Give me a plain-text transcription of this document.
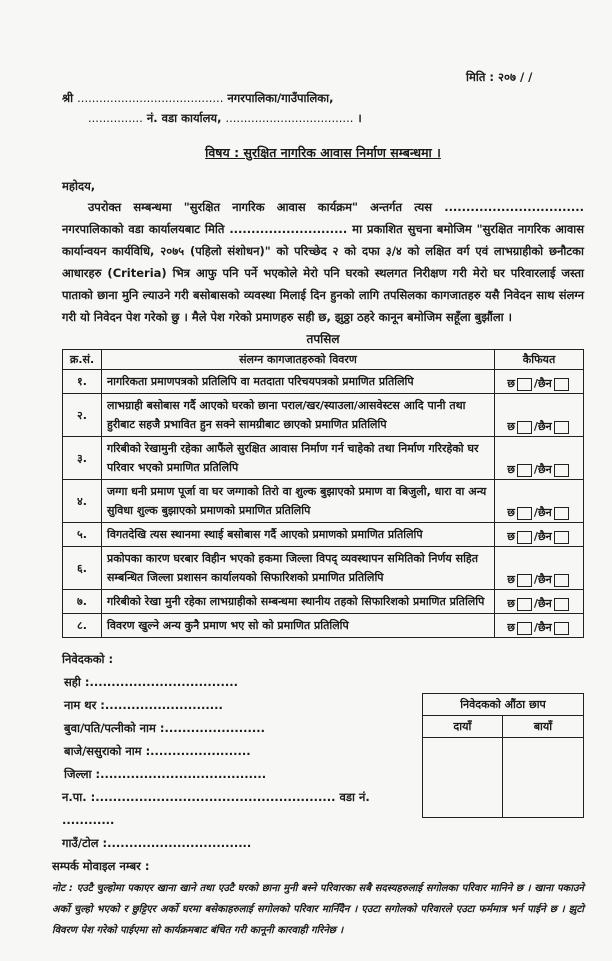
मिति : २०७ / /
श्री ........................................ नगरपालिका/गाउँपालिका,
............... नं. वडा कार्यालय, ................................... ।
विषय : सुरक्षित नागरिक आवास निर्माण सम्बन्धमा ।
महोदय,
उपरोक्त सम्बन्धमा "सुरक्षित नागरिक आवास कार्यक्रम" अन्तर्गत त्यस ................................ नगरपालिकाको वडा कार्यालयबाट मिति ........................... मा प्रकाशित सुचना बमोजिम "सुरक्षित नागरिक आवास कार्यान्वयन कार्यविधि, २०७५ (पहिलो संशोधन)" को परिच्छेद २ को दफा ३/४ को लक्षित वर्ग एवं लाभग्राहीको छनौटका आधारहरु (Criteria) भित्र आफु पनि पर्ने भएकोले मेरो पनि घरको स्थलगत निरीक्षण गरी मेरो घर परिवारलाई जस्ता पाताको छाना मुनि ल्याउने गरी बसोबासको व्यवस्था मिलाई दिन हुनको लागि तपसिलका कागजातहरु यसै निवेदन साथ संलग्न गरी यो निवेदन पेश गरेको छु । मैले पेश गरेको प्रमाणहरु सही छ, झुठ्ठा ठहरे कानून बमोजिम सहूँला बुझौंला ।
तपसिल
क्र.सं.	संलग्न कागजातहरुको विवरण	कैफियत
१.	नागरिकता प्रमाणपत्रको प्रतिलिपि वा मतदाता परिचयपत्रको प्रमाणित प्रतिलिपि	छ /छैन
२.	लाभग्राही बसोबास गर्दै आएको घरको छाना पराल/खर/स्याउला/आसवेस्टस आदि पानी तथा हुरीबाट सहजै प्रभावित हुन सक्ने सामग्रीबाट छाएको प्रमाणित प्रतिलिपि	छ /छैन
३.	गरिबीको रेखामुनी रहेका आफैंले सुरक्षित आवास निर्माण गर्न चाहेको तथा निर्माण गरिरहेको घर परिवार भएको प्रमाणित प्रतिलिपि	छ /छैन
४.	जग्गा धनी प्रमाण पूर्जा वा घर जग्गाको तिरो वा शुल्क बुझाएको प्रमाण वा बिजुली, धारा वा अन्य सुविधा शुल्क बुझाएको प्रमाणको प्रमाणित प्रतिलिपि	छ /छैन
५.	विगतदेखि त्यस स्थानमा स्थाई बसोबास गर्दै आएको प्रमाणको प्रमाणित प्रतिलिपि	छ /छैन
६.	प्रकोपका कारण घरबार विहीन भएको हकमा जिल्ला विपद् व्यवस्थापन समितिको निर्णय सहित सम्बन्धित जिल्ला प्रशासन कार्यालयको सिफारिशको प्रमाणित प्रतिलिपि	छ /छैन
७.	गरिबीको रेखा मुनी रहेका लाभग्राहीको सम्बन्धमा स्थानीय तहको सिफारिशको प्रमाणित प्रतिलिपि	छ /छैन
८.	विवरण खुल्ने अन्य कुनै प्रमाण भए सो को प्रमाणित प्रतिलिपि	छ /छैन
निवेदकको :
सही :..................................
नाम थर :...........................
बुवा/पति/पत्नीको नाम :.......................
बाजे/ससुराको नाम :.......................
जिल्ला :......................................
न.पा. :....................................................... वडा नं. ............
गाउँ/टोल :.................................
निवेदकको औंठा छाप	
दायाँ	बायाँ

सम्पर्क मोवाइल नम्बर :
नोट : एउटै चुल्होमा पकाएर खाना खाने तथा एउटै घरको छाना मुनी बस्ने परिवारका सबै सदस्यहरुलाई सगोलका परिवार मानिने छ । खाना पकाउने अर्को चुल्हो भएको र छुट्टिएर अर्को घरमा बसेकाहरुलाई सगोलको परिवार मानिँदैन । एउटा सगोलको परिवारले एउटा फर्ममात्र भर्न पाईने छ । झुटो विवरण पेश गरेको पाईएमा सो कार्यक्रमबाट बंचित गरी कानूनी कारवाही गरिनेछ ।
